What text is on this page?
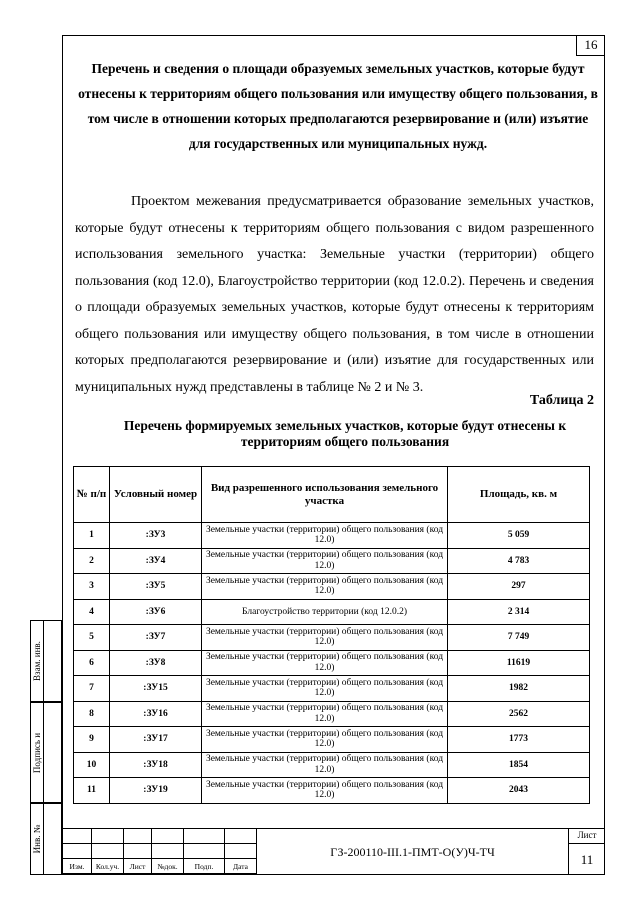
16
Перечень и сведения о площади образуемых земельных участков, которые будут отнесены к территориям общего пользования или имуществу общего пользования, в том числе в отношении которых предполагаются резервирование и (или) изъятие для государственных или муниципальных нужд.
Проектом межевания предусматривается образование земельных участков, которые будут отнесены к территориям общего пользования с видом разрешенного использования земельного участка: Земельные участки (территории) общего пользования (код 12.0), Благоустройство территории (код 12.0.2). Перечень и сведения о площади образуемых земельных участков, которые будут отнесены к территориям общего пользования или имуществу общего пользования, в том числе в отношении которых предполагаются резервирование и (или) изъятие для государственных или муниципальных нужд представлены в таблице № 2 и № 3.
Таблица 2
Перечень формируемых земельных участков, которые будут отнесены к территориям общего пользования
№ п/п	Условный номер	Вид разрешенного использования земельного участка	Площадь, кв. м
1	:ЗУ3	Земельные участки (территории) общего пользования (код 12.0)	5 059
2	:ЗУ4	Земельные участки (территории) общего пользования (код 12.0)	4 783
3	:ЗУ5	Земельные участки (территории) общего пользования (код 12.0)	297
4	:ЗУ6	Благоустройство территории (код 12.0.2)	2 314
5	:ЗУ7	Земельные участки (территории) общего пользования (код 12.0)	7 749
6	:ЗУ8	Земельные участки (территории) общего пользования (код 12.0)	11619
7	:ЗУ15	Земельные участки (территории) общего пользования (код 12.0)	1982
8	:ЗУ16	Земельные участки (территории) общего пользования (код 12.0)	2562
9	:ЗУ17	Земельные участки (территории) общего пользования (код 12.0)	1773
10	:ЗУ18	Земельные участки (территории) общего пользования (код 12.0)	1854
11	:ЗУ19	Земельные участки (территории) общего пользования (код 12.0)	2043
Взам. инв.
Подпись и
Инв. №

Изм.	Кол.уч.	Лист	№док.	Подп.	Дата
ГЗ-200110-III.1-ПМТ-О(У)Ч-ТЧ
Лист
11
